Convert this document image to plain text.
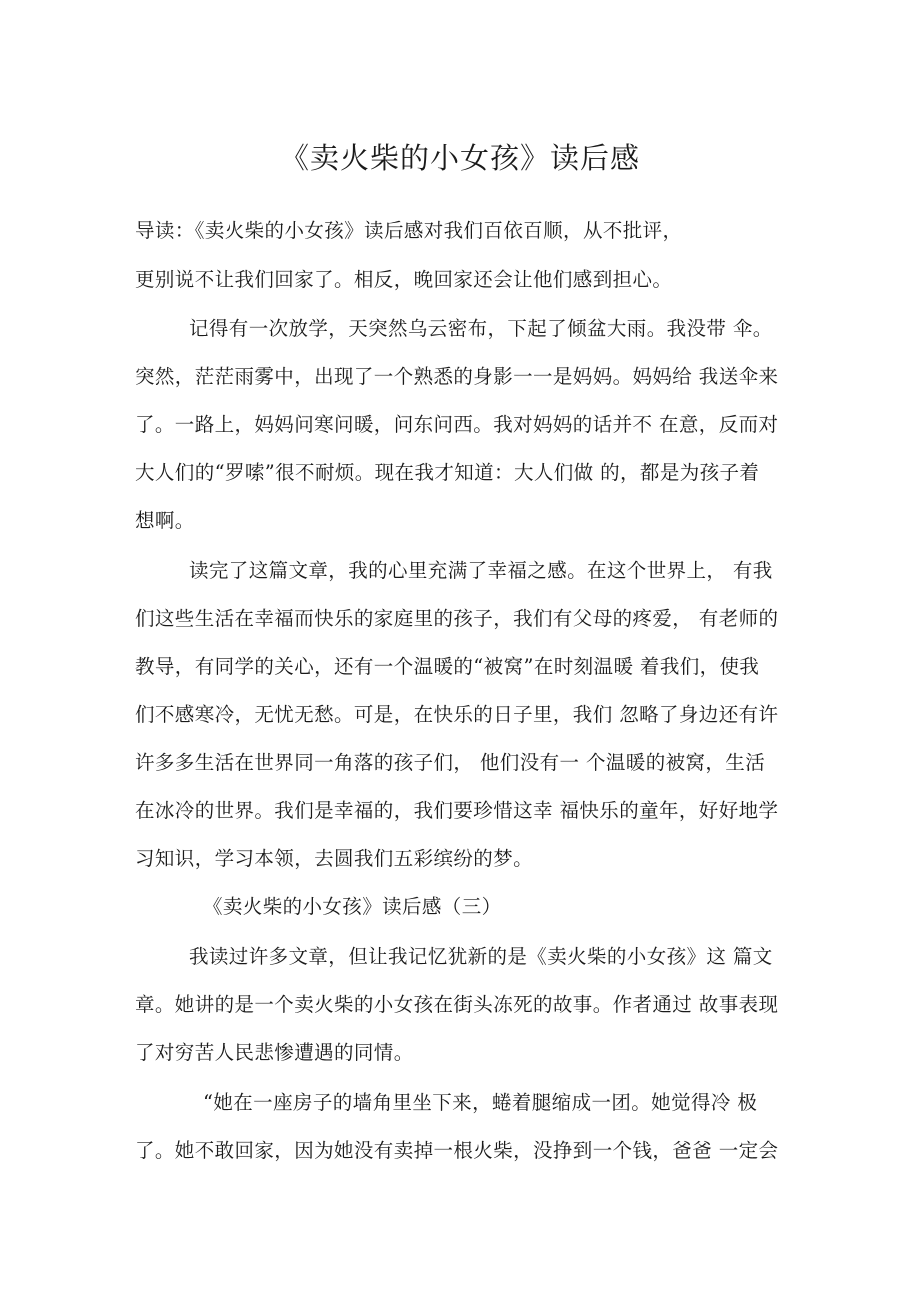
《卖火柴的小女孩》读后感
导读：《卖火柴的小女孩》读后感对我们百依百顺，从不批评，
更别说不让我们回家了。相反，晚回家还会让他们感到担心。
记得有一次放学，天突然乌云密布，下起了倾盆大雨。我没带 伞。
突然，茫茫雨雾中，出现了一个熟悉的身影一一是妈妈。妈妈给 我送伞来
了。一路上，妈妈问寒问暖，问东问西。我对妈妈的话并不 在意，反而对
大人们的“罗嗦”很不耐烦。现在我才知道：大人们做 的，都是为孩子着
想啊。
读完了这篇文章，我的心里充满了幸福之感。在这个世界上， 有我
们这些生活在幸福而快乐的家庭里的孩子，我们有父母的疼爱， 有老师的
教导，有同学的关心，还有一个温暖的“被窝”在时刻温暖 着我们，使我
们不感寒冷，无忧无愁。可是，在快乐的日子里，我们 忽略了身边还有许
许多多生活在世界同一角落的孩子们， 他们没有一 个温暖的被窝，生活
在冰冷的世界。我们是幸福的，我们要珍惜这幸 福快乐的童年，好好地学
习知识，学习本领，去圆我们五彩缤纷的梦。
《卖火柴的小女孩》读后感（三）
我读过许多文章，但让我记忆犹新的是《卖火柴的小女孩》这 篇文
章。她讲的是一个卖火柴的小女孩在街头冻死的故事。作者通过 故事表现
了对穷苦人民悲惨遭遇的同情。
“她在一座房子的墙角里坐下来，蜷着腿缩成一团。她觉得冷 极
了。她不敢回家，因为她没有卖掉一根火柴，没挣到一个钱，爸爸 一定会
